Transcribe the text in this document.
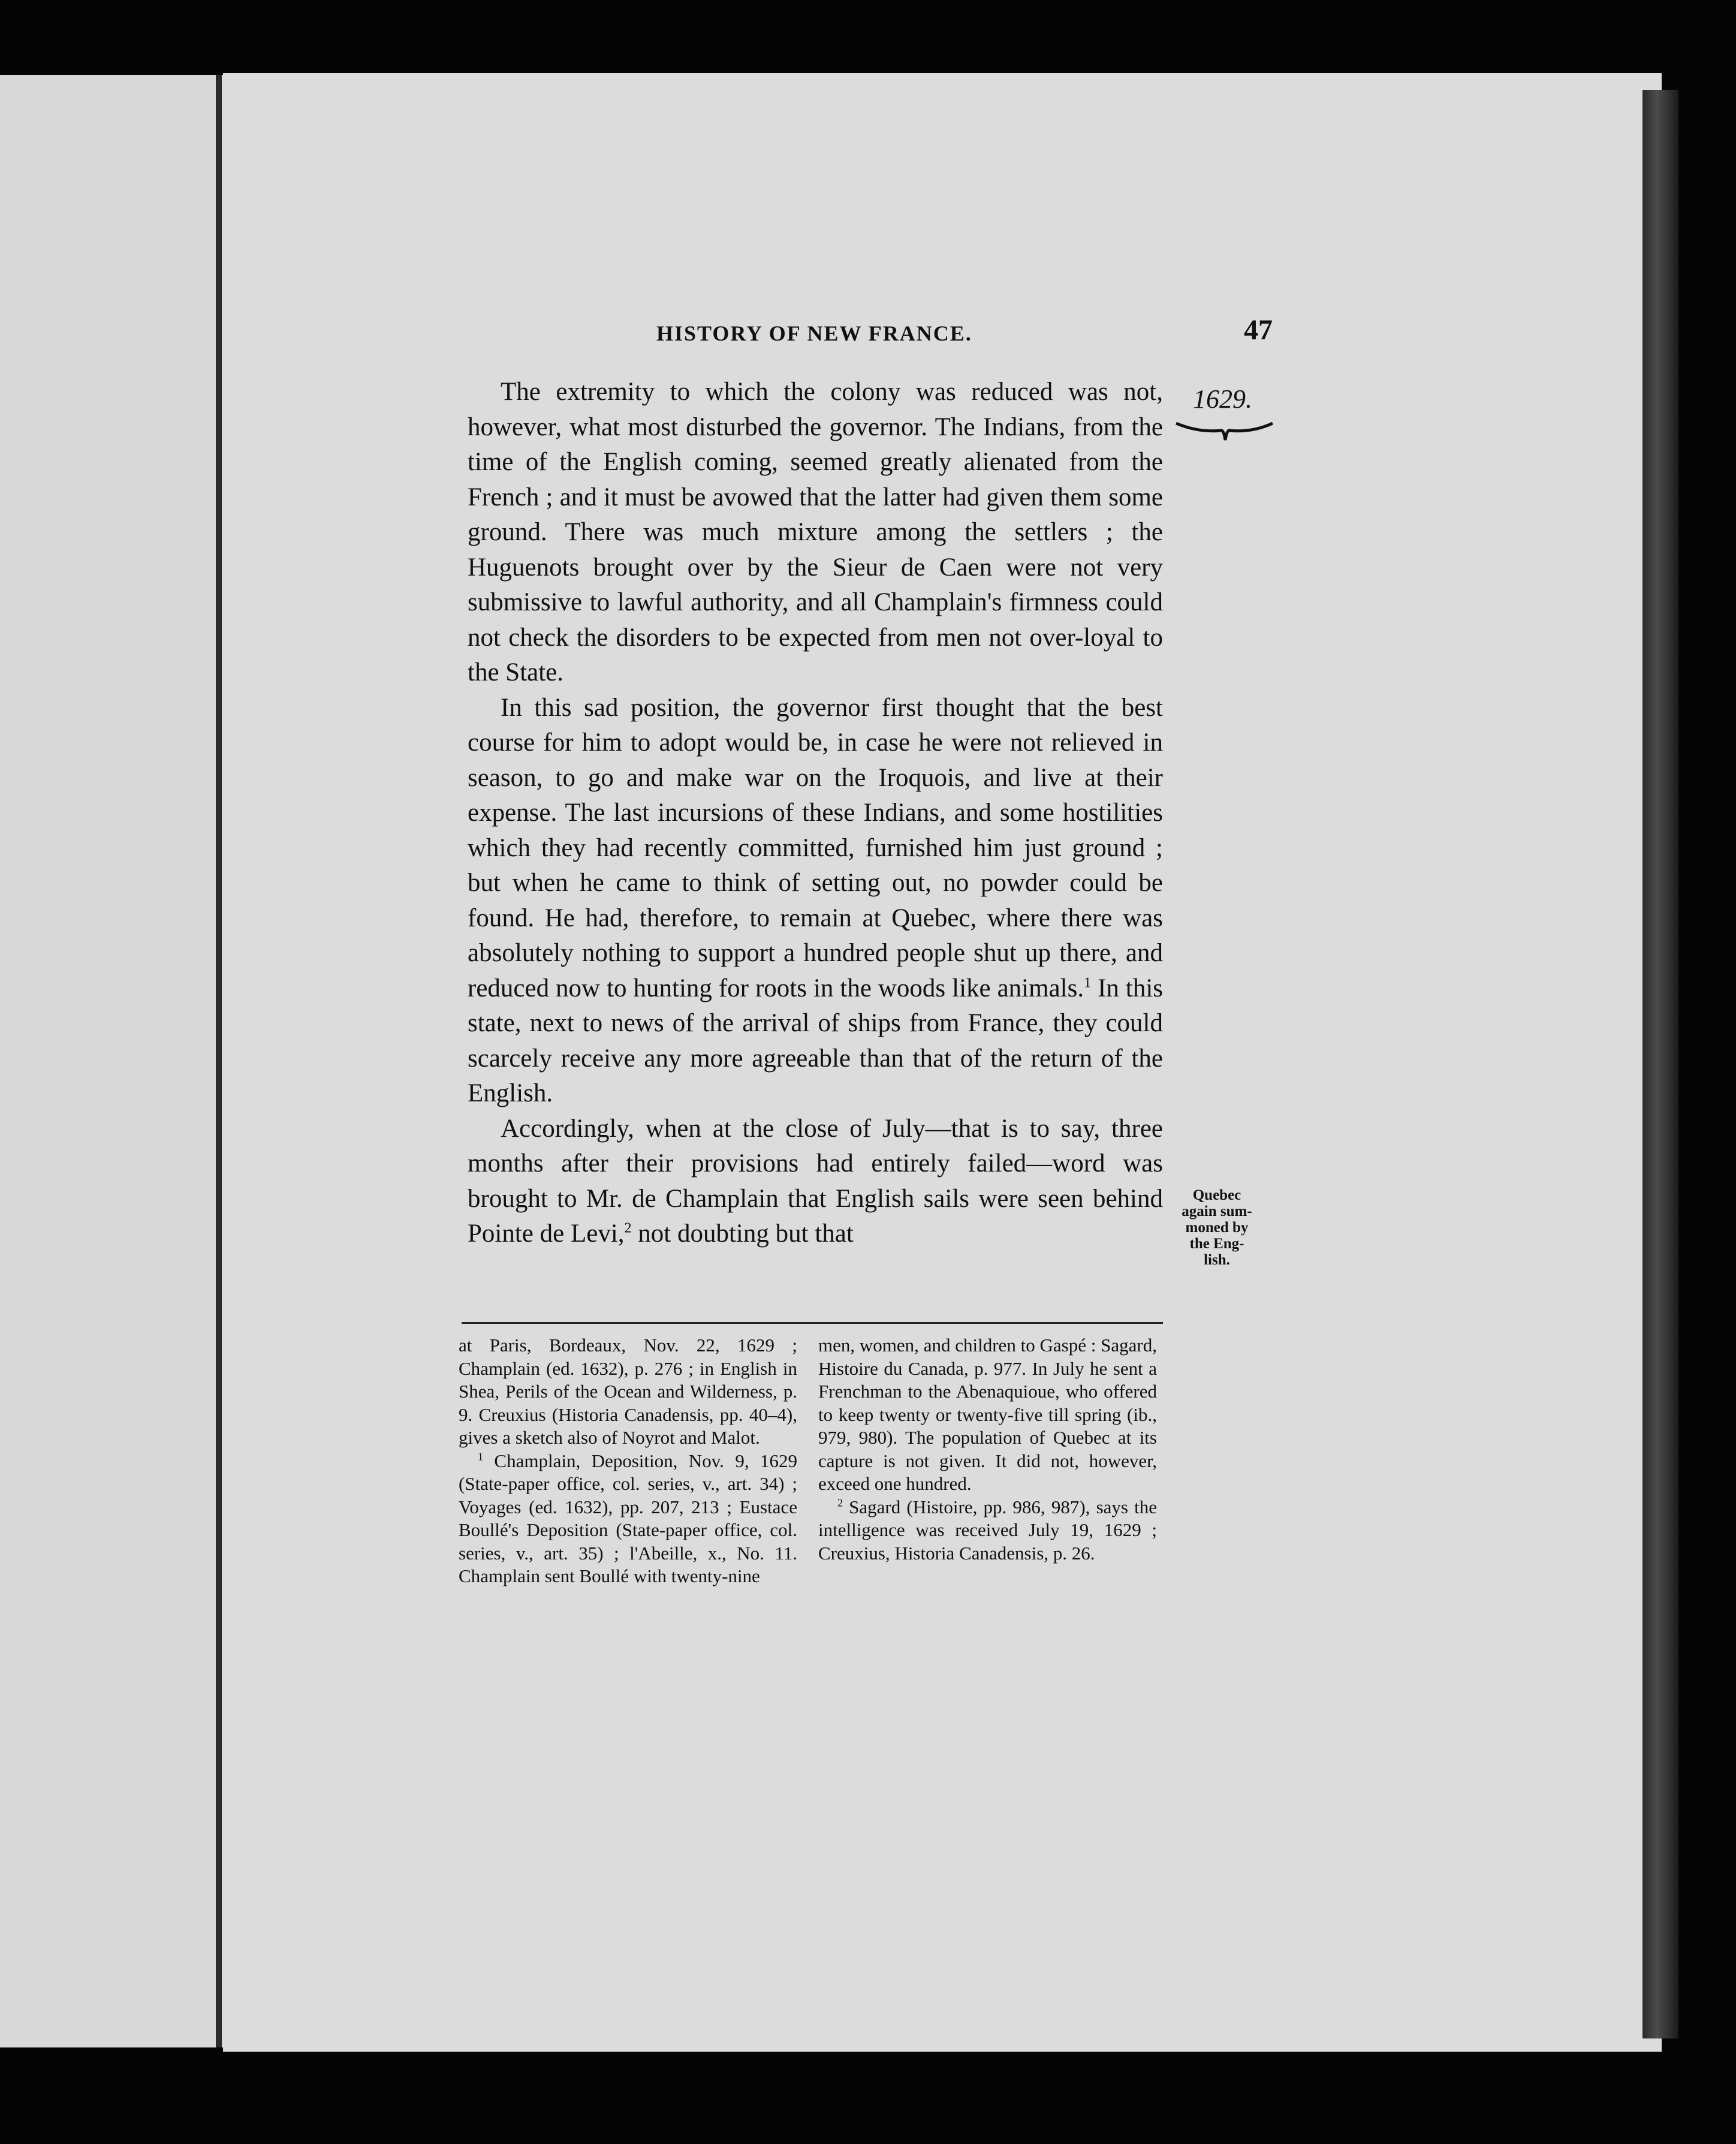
HISTORY OF NEW FRANCE.	47
1629.

The extremity to which the colony was reduced was not, however, what most disturbed the governor. The Indians, from the time of the English coming, seemed greatly alienated from the French ; and it must be avowed that the latter had given them some ground. There was much mixture among the settlers ; the Huguenots brought over by the Sieur de Caen were not very submissive to lawful authority, and all Champlain's firmness could not check the disorders to be expected from men not over-loyal to the State.

In this sad position, the governor first thought that the best course for him to adopt would be, in case he were not relieved in season, to go and make war on the Iroquois, and live at their expense. The last incursions of these Indians, and some hostilities which they had recently committed, furnished him just ground ; but when he came to think of setting out, no powder could be found. He had, therefore, to remain at Quebec, where there was absolutely nothing to support a hundred people shut up there, and reduced now to hunting for roots in the woods like animals.$^1$ In this state, next to news of the arrival of ships from France, they could scarcely receive any more agreeable than that of the return of the English.

Accordingly, when at the close of July—that is to say, three months after their provisions had entirely failed—word was brought to Mr. de Champlain that English sails were seen behind Pointe de Levi,$^2$ not doubting but that

Quebec
again sum-
moned by
the Eng-
lish.

at Paris, Bordeaux, Nov. 22, 1629 ; Champlain (ed. 1632), p. 276 ; in English in Shea, Perils of the Ocean and Wilderness, p. 9. Creuxius (Historia Canadensis, pp. 40–4), gives a sketch also of Noyrot and Malot.

$^1$ Champlain, Deposition, Nov. 9, 1629 (State-paper office, col. series, v., art. 34) ; Voyages (ed. 1632), pp. 207, 213 ; Eustace Boullé's Deposition (State-paper office, col. series, v., art. 35) ; l'Abeille, x., No. 11. Champlain sent Boullé with twenty-nine

men, women, and children to Gaspé : Sagard, Histoire du Canada, p. 977. In July he sent a Frenchman to the Abenaquioue, who offered to keep twenty or twenty-five till spring (ib., 979, 980). The population of Quebec at its capture is not given. It did not, however, exceed one hundred.

$^2$ Sagard (Histoire, pp. 986, 987), says the intelligence was received July 19, 1629 ; Creuxius, Historia Canadensis, p. 26.
